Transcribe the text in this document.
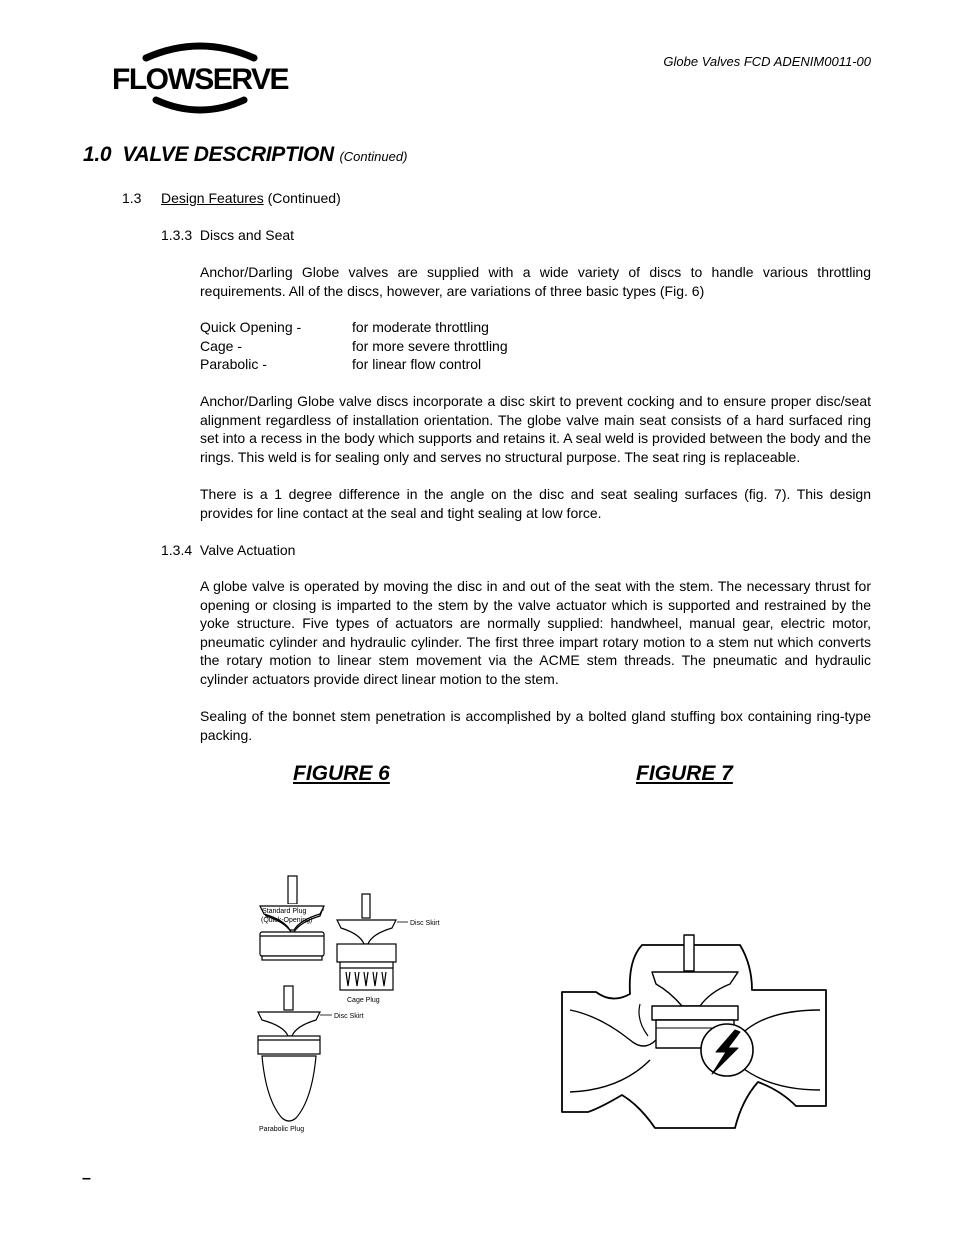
FLOWSERVE
Globe Valves FCD ADENIM0011-00
1.0  VALVE DESCRIPTION (Continued)
1.3 Design Features (Continued)
1.3.3  Discs and Seat
Anchor/Darling Globe valves are supplied with a wide variety of discs to handle various throttling requirements. All of the discs, however, are variations of three basic types (Fig. 6)
Quick Opening -	for moderate throttling
Cage -	for more severe throttling
Parabolic -	for linear flow control
Anchor/Darling Globe valve discs incorporate a disc skirt to prevent cocking and to ensure proper disc/seat alignment regardless of installation orientation. The globe valve main seat consists of a hard surfaced ring set into a recess in the body which supports and retains it. A seal weld is provided between the body and the rings. This weld is for sealing only and serves no structural purpose. The seat ring is replaceable.
There is a 1 degree difference in the angle on the disc and seat sealing surfaces (fig. 7). This design provides for line contact at the seal and tight sealing at low force.
1.3.4  Valve Actuation
A globe valve is operated by moving the disc in and out of the seat with the stem. The necessary thrust for opening or closing is imparted to the stem by the valve actuator which is supported and restrained by the yoke structure. Five types of actuators are normally supplied: handwheel, manual gear, electric motor, pneumatic cylinder and hydraulic cylinder. The first three impart rotary motion to a stem nut which converts the rotary motion to linear stem movement via the ACME stem threads. The pneumatic and hydraulic cylinder actuators provide direct linear motion to the stem.
Sealing of the bonnet stem penetration is accomplished by a bolted gland stuffing box containing ring-type packing.
FIGURE 6	FIGURE 7
Standard Plug
(Quick-Opening)	Disc Skirt
Cage Plug
Disc Skirt
Parabolic Plug
–
